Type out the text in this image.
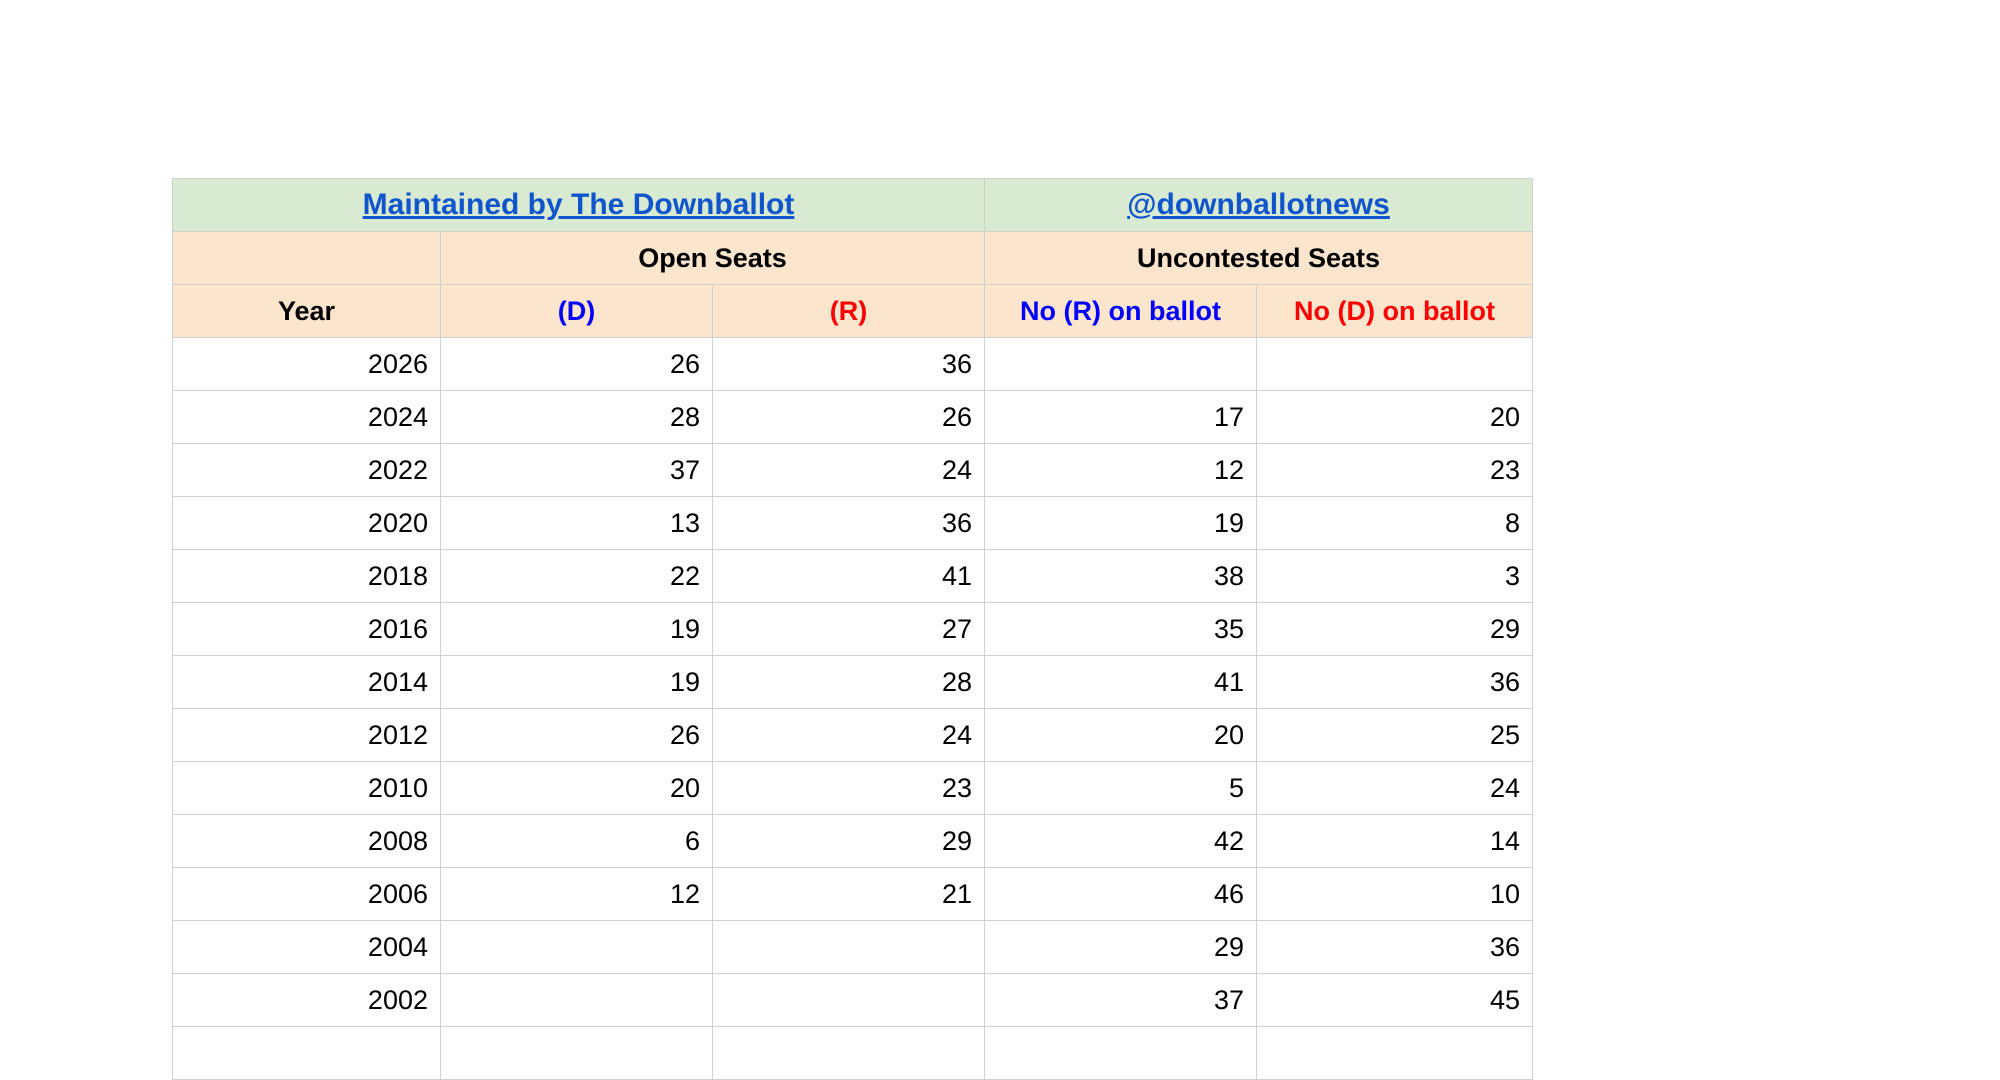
Maintained by The Downballot			@downballotnews	
	Open Seats		Uncontested Seats	
Year	(D)	(R)	No (R) on ballot	No (D) on ballot
2026	26	36		
2024	28	26	17	20
2022	37	24	12	23
2020	13	36	19	8
2018	22	41	38	3
2016	19	27	35	29
2014	19	28	41	36
2012	26	24	20	25
2010	20	23	5	24
2008	6	29	42	14
2006	12	21	46	10
2004			29	36
2002			37	45
